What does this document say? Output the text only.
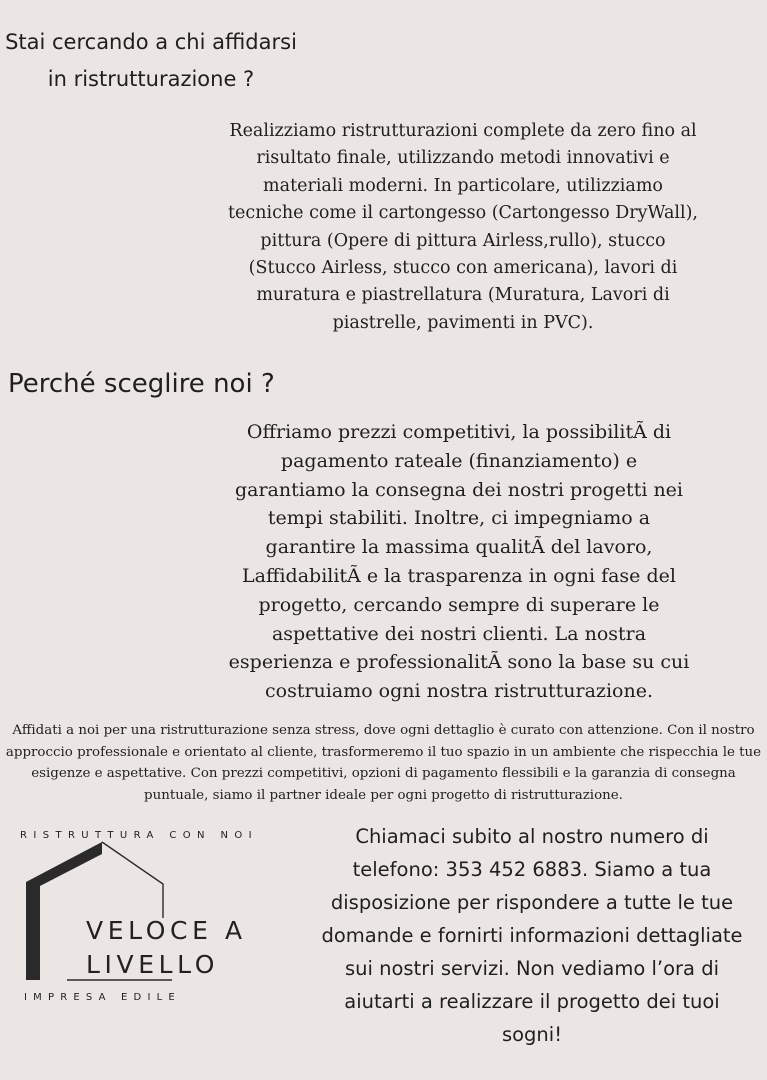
Stai cercando a chi affidarsi in ristrutturazione ?
Realizziamo ristrutturazioni complete da zero fino al risultato finale, utilizzando metodi innovativi e materiali moderni. In particolare, utilizziamo tecniche come il cartongesso (Cartongesso DryWall), pittura (Opere di pittura Airless,rullo), stucco (Stucco Airless, stucco con americana), lavori di muratura e piastrellatura (Muratura, Lavori di piastrelle, pavimenti in PVC).
Perché sceglire noi ?
Offriamo prezzi competitivi, la possibilitÃ di pagamento rateale (finanziamento) e garantiamo la consegna dei nostri progetti nei tempi stabiliti. Inoltre, ci impegniamo a garantire la massima qualitÃ del lavoro, LaffidabilitÃ e la trasparenza in ogni fase del progetto, cercando sempre di superare le aspettative dei nostri clienti. La nostra esperienza e professionalitÃ sono la base su cui costruiamo ogni nostra ristrutturazione.
Affidati a noi per una ristrutturazione senza stress, dove ogni dettaglio è curato con attenzione. Con il nostro approccio professionale e orientato al cliente, trasformeremo il tuo spazio in un ambiente che rispecchia le tue esigenze e aspettative. Con prezzi competitivi, opzioni di pagamento flessibili e la garanzia di consegna puntuale, siamo il partner ideale per ogni progetto di ristrutturazione.
RISTRUTTURA CON NOI
VELOCE A
LIVELLO
IMPRESA EDILE
Chiamaci subito al nostro numero di telefono: 353 452 6883. Siamo a tua disposizione per rispondere a tutte le tue domande e fornirti informazioni dettagliate sui nostri servizi. Non vediamo l’ora di aiutarti a realizzare il progetto dei tuoi sogni!
